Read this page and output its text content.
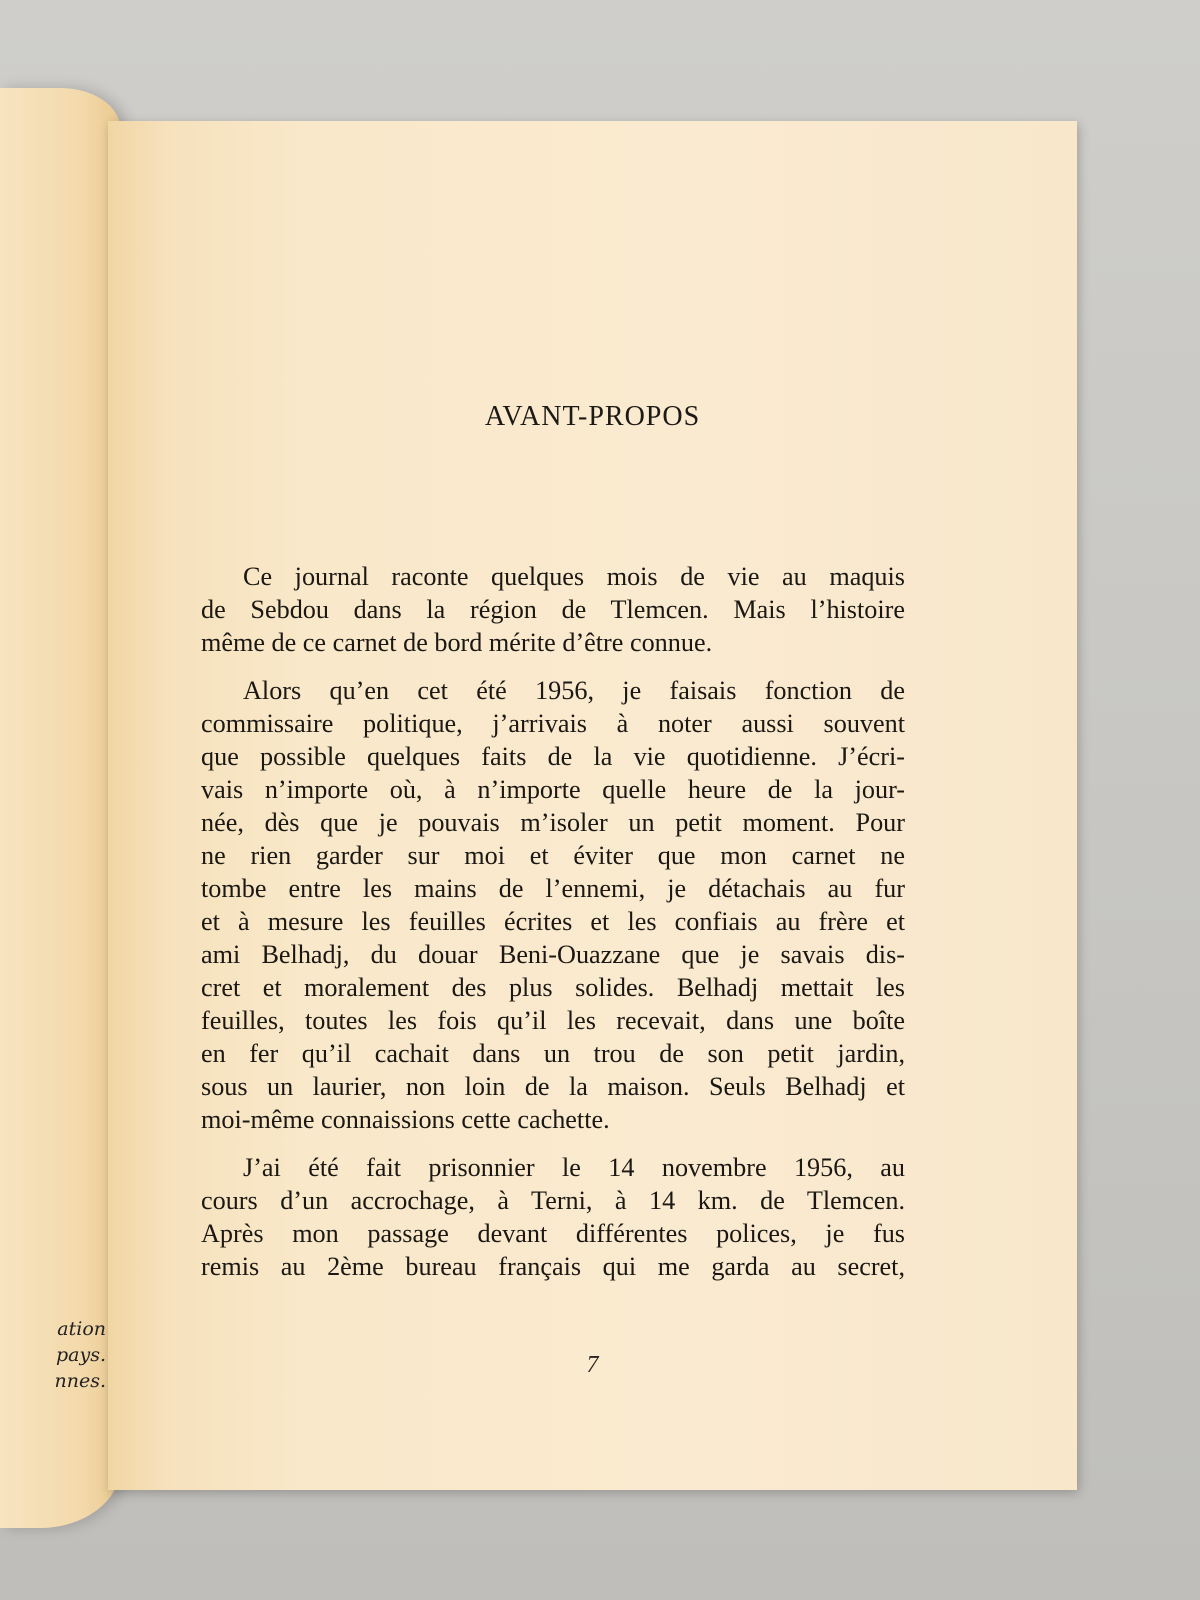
ation
pays.
nnes.
AVANT-PROPOS
Ce journal raconte quelques mois de vie au maquis
de Sebdou dans la région de Tlemcen. Mais l’histoire
même de ce carnet de bord mérite d’être connue.
Alors qu’en cet été 1956, je faisais fonction de
commissaire politique, j’arrivais à noter aussi souvent
que possible quelques faits de la vie quotidienne. J’écri-
vais n’importe où, à n’importe quelle heure de la jour-
née, dès que je pouvais m’isoler un petit moment. Pour
ne rien garder sur moi et éviter que mon carnet ne
tombe entre les mains de l’ennemi, je détachais au fur
et à mesure les feuilles écrites et les confiais au frère et
ami Belhadj, du douar Beni-Ouazzane que je savais dis-
cret et moralement des plus solides. Belhadj mettait les
feuilles, toutes les fois qu’il les recevait, dans une boîte
en fer qu’il cachait dans un trou de son petit jardin,
sous un laurier, non loin de la maison. Seuls Belhadj et
moi-même connaissions cette cachette.
J’ai été fait prisonnier le 14 novembre 1956, au
cours d’un accrochage, à Terni, à 14 km. de Tlemcen.
Après mon passage devant différentes polices, je fus
remis au 2ème bureau français qui me garda au secret,
7
